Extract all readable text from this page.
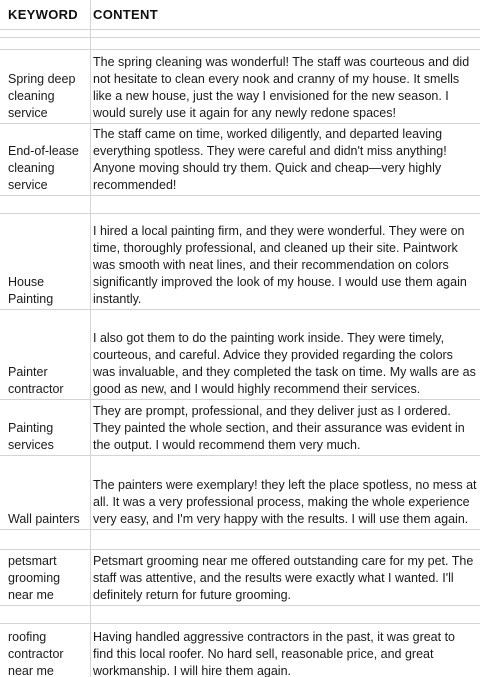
KEYWORD	CONTENT
Spring deep cleaning service
The spring cleaning was wonderful! The staff was courteous and did not hesitate to clean every nook and cranny of my house. It smells like a new house, just the way I envisioned for the new season. I would surely use it again for any newly redone spaces!
End-of-lease cleaning service
The staff came on time, worked diligently, and departed leaving everything spotless. They were careful and didn't miss anything! Anyone moving should try them. Quick and cheap—very highly recommended!
House Painting
I hired a local painting firm, and they were wonderful. They were on time, thoroughly professional, and cleaned up their site. Paintwork was smooth with neat lines, and their recommendation on colors significantly improved the look of my house. I would use them again instantly.
Painter contractor
I also got them to do the painting work inside. They were timely, courteous, and careful. Advice they provided regarding the colors was invaluable, and they completed the task on time. My walls are as good as new, and I would highly recommend their services.
Painting services
They are prompt, professional, and they deliver just as I ordered. They painted the whole section, and their assurance was evident in the output. I would recommend them very much.
Wall painters
The painters were exemplary! they left the place spotless, no mess at all. It was a very professional process, making the whole experience very easy, and I'm very happy with the results. I will use them again.
petsmart grooming near me
Petsmart grooming near me offered outstanding care for my pet. The staff was attentive, and the results were exactly what I wanted. I'll definitely return for future grooming.
roofing contractor near me
Having handled aggressive contractors in the past, it was great to find this local roofer. No hard sell, reasonable price, and great workmanship. I will hire them again.
